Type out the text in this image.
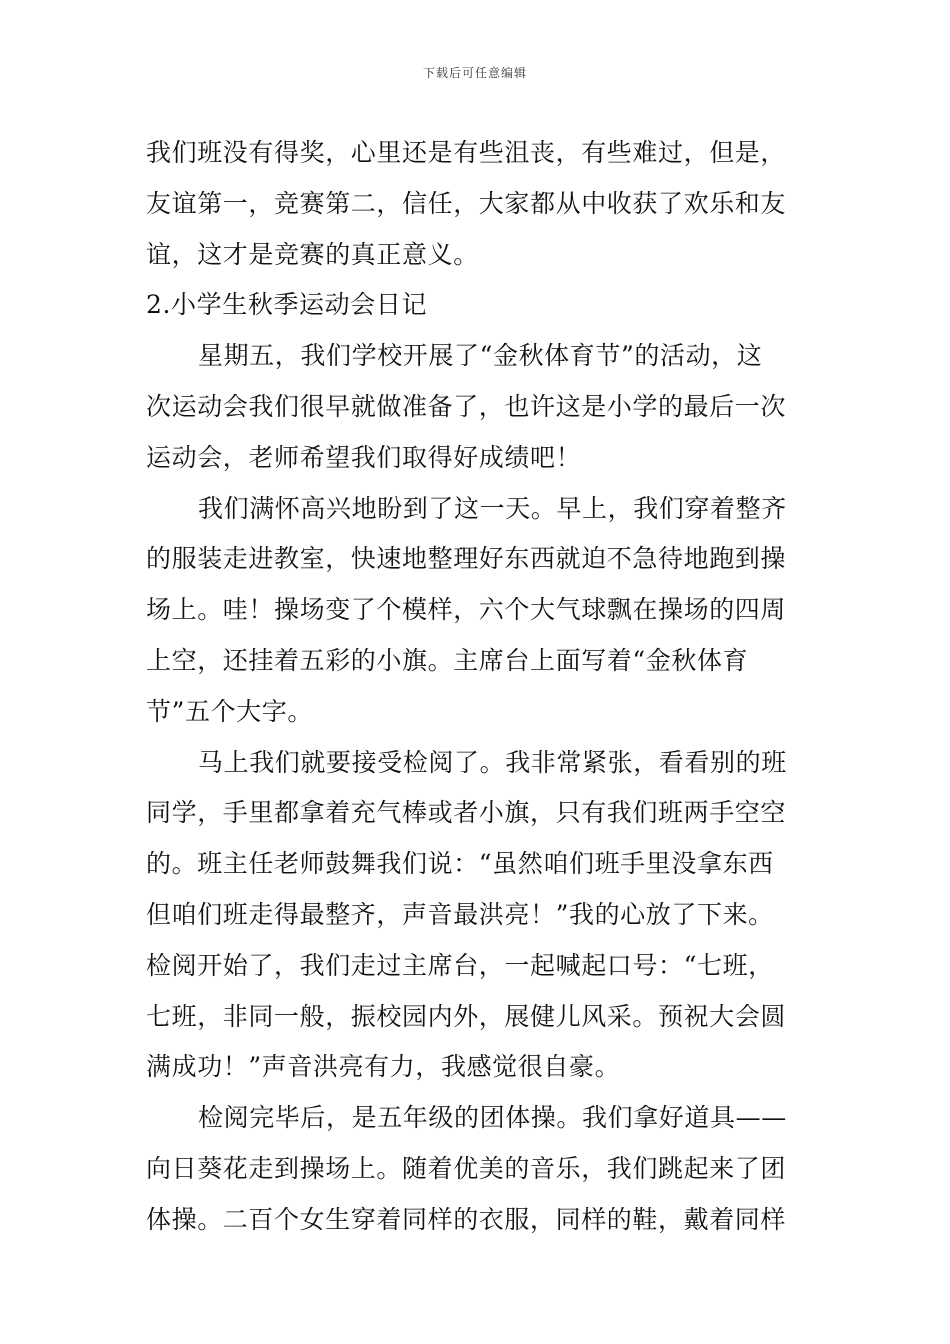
下载后可任意编辑
我们班没有得奖，心里还是有些沮丧，有些难过，但是，
友谊第一，竞赛第二，信任，大家都从中收获了欢乐和友
谊，这才是竞赛的真正意义。
2.小学生秋季运动会日记
星期五，我们学校开展了“金秋体育节”的活动，这
次运动会我们很早就做准备了，也许这是小学的最后一次
运动会，老师希望我们取得好成绩吧！
我们满怀高兴地盼到了这一天。早上，我们穿着整齐
的服装走进教室，快速地整理好东西就迫不急待地跑到操
场上。哇！操场变了个模样，六个大气球飘在操场的四周
上空，还挂着五彩的小旗。主席台上面写着“金秋体育
节”五个大字。
马上我们就要接受检阅了。我非常紧张，看看别的班
同学，手里都拿着充气棒或者小旗，只有我们班两手空空
的。班主任老师鼓舞我们说：“虽然咱们班手里没拿东西
但咱们班走得最整齐，声音最洪亮！”我的心放了下来。
检阅开始了，我们走过主席台，一起喊起口号：“七班，
七班，非同一般，振校园内外，展健儿风采。预祝大会圆
满成功！”声音洪亮有力，我感觉很自豪。
检阅完毕后，是五年级的团体操。我们拿好道具——
向日葵花走到操场上。随着优美的音乐，我们跳起来了团
体操。二百个女生穿着同样的衣服，同样的鞋，戴着同样
